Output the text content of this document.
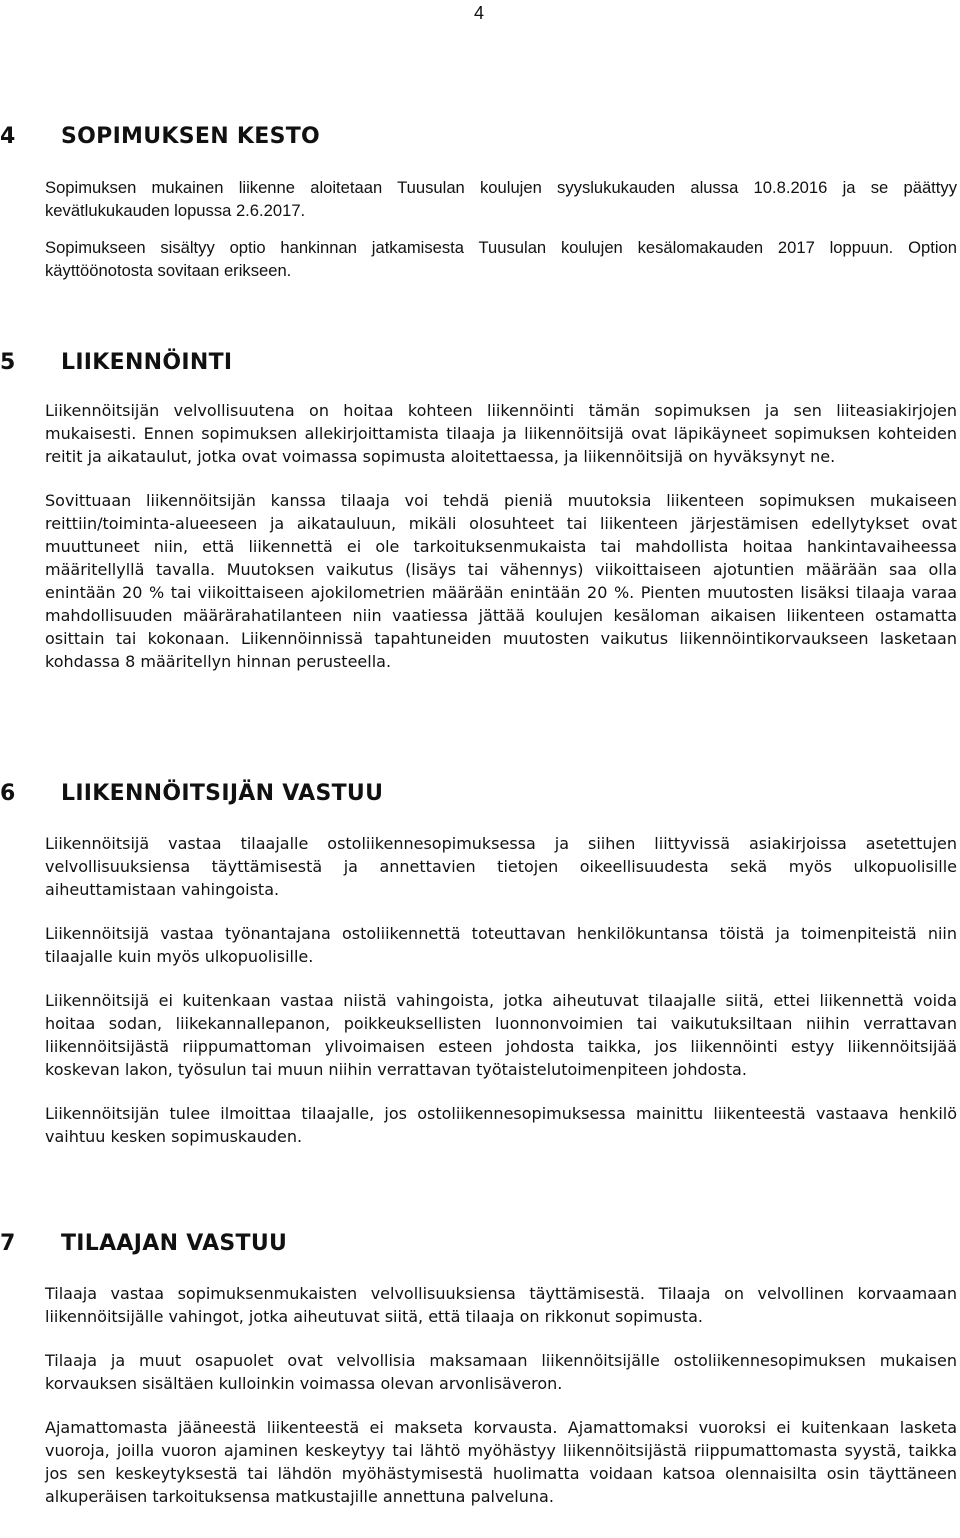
4
4 SOPIMUKSEN KESTO

Sopimuksen mukainen liikenne aloitetaan Tuusulan koulujen syyslukukauden alussa 10.8.2016 ja se päättyy kevätlukukauden lopussa 2.6.2017.

Sopimukseen sisältyy optio hankinnan jatkamisesta Tuusulan koulujen kesälomakauden 2017 loppuun. Option käyttöönotosta sovitaan erikseen.

5 LIIKENNÖINTI

Liikennöitsijän velvollisuutena on hoitaa kohteen liikennöinti tämän sopimuksen ja sen liiteasiakirjojen mukaisesti. Ennen sopimuksen allekirjoittamista tilaaja ja liikennöitsijä ovat läpikäyneet sopimuksen kohteiden reitit ja aikataulut, jotka ovat voimassa sopimusta aloitettaessa, ja liikennöitsijä on hyväksynyt ne.

Sovittuaan liikennöitsijän kanssa tilaaja voi tehdä pieniä muutoksia liikenteen sopimuksen mukaiseen reittiin/toiminta-alueeseen ja aikatauluun, mikäli olosuhteet tai liikenteen järjestämisen edellytykset ovat muuttuneet niin, että liikennettä ei ole tarkoituksenmukaista tai mahdollista hoitaa hankintavaiheessa määritellyllä tavalla. Muutoksen vaikutus (lisäys tai vähennys) viikoittaiseen ajotuntien määrään saa olla enintään 20 % tai viikoittaiseen ajokilometrien määrään enintään 20 %. Pienten muutosten lisäksi tilaaja varaa mahdollisuuden määrärahatilanteen niin vaatiessa jättää koulujen kesäloman aikaisen liikenteen ostamatta osittain tai kokonaan. Liikennöinnissä tapahtuneiden muutosten vaikutus liikennöintikorvaukseen lasketaan kohdassa 8 määritellyn hinnan perusteella.

6 LIIKENNÖITSIJÄN VASTUU

Liikennöitsijä vastaa tilaajalle ostoliikennesopimuksessa ja siihen liittyvissä asiakirjoissa asetettujen velvollisuuksiensa täyttämisestä ja annettavien tietojen oikeellisuudesta sekä myös ulkopuolisille aiheuttamistaan vahingoista.

Liikennöitsijä vastaa työnantajana ostoliikennettä toteuttavan henkilökuntansa töistä ja toimenpiteistä niin tilaajalle kuin myös ulkopuolisille.

Liikennöitsijä ei kuitenkaan vastaa niistä vahingoista, jotka aiheutuvat tilaajalle siitä, ettei liikennettä voida hoitaa sodan, liikekannallepanon, poikkeuksellisten luonnonvoimien tai vaikutuksiltaan niihin verrattavan liikennöitsijästä riippumattoman ylivoimaisen esteen johdosta taikka, jos liikennöinti estyy liikennöitsijää koskevan lakon, työsulun tai muun niihin verrattavan työtaistelutoimenpiteen johdosta.

Liikennöitsijän tulee ilmoittaa tilaajalle, jos ostoliikennesopimuksessa mainittu liikenteestä vastaava henkilö vaihtuu kesken sopimuskauden.

7 TILAAJAN VASTUU

Tilaaja vastaa sopimuksenmukaisten velvollisuuksiensa täyttämisestä. Tilaaja on velvollinen korvaamaan liikennöitsijälle vahingot, jotka aiheutuvat siitä, että tilaaja on rikkonut sopimusta.

Tilaaja ja muut osapuolet ovat velvollisia maksamaan liikennöitsijälle ostoliikennesopimuksen mukaisen korvauksen sisältäen kulloinkin voimassa olevan arvonlisäveron.

Ajamattomasta jääneestä liikenteestä ei makseta korvausta. Ajamattomaksi vuoroksi ei kuitenkaan lasketa vuoroja, joilla vuoron ajaminen keskeytyy tai lähtö myöhästyy liikennöitsijästä riippumattomasta syystä, taikka jos sen keskeytyksestä tai lähdön myöhästymisestä huolimatta voidaan katsoa olennaisilta osin täyttäneen alkuperäisen tarkoituksensa matkustajille annettuna palveluna.
